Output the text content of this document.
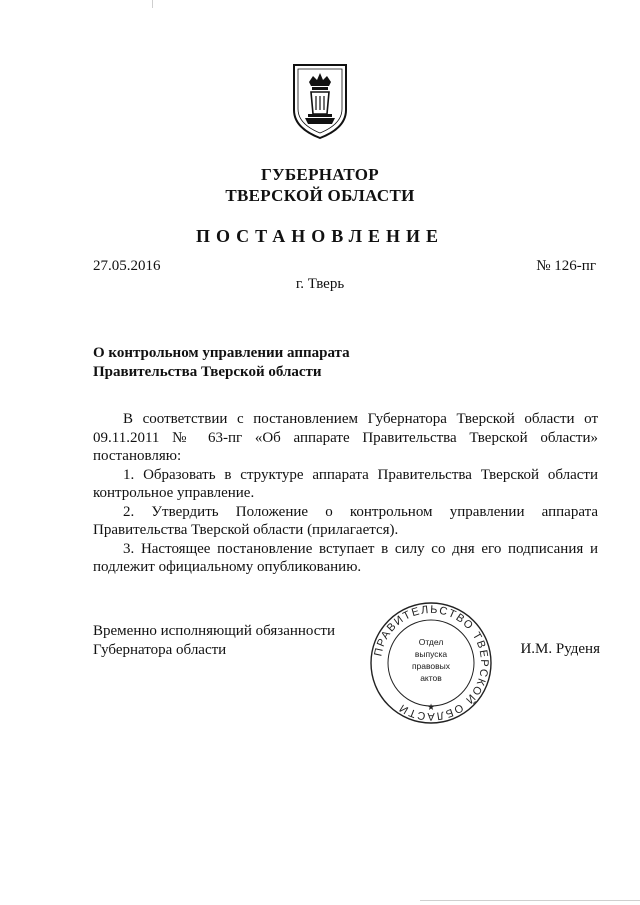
ГУБЕРНАТОР
ТВЕРСКОЙ ОБЛАСТИ
ПОСТАНОВЛЕНИЕ
27.05.2016	№ 126-пг
г. Тверь
О контрольном управлении аппарата
Правительства Тверской области

В соответствии с постановлением Губернатора Тверской области от 09.11.2011 № 63-пг «Об аппарате Правительства Тверской области» постановляю:

1. Образовать в структуре аппарата Правительства Тверской области контрольное управление.

2. Утвердить Положение о контрольном управлении аппарата Правительства Тверской области (прилагается).

3. Настоящее постановление вступает в силу со дня его подписания и подлежит официальному опубликованию.

Временно исполняющий обязанности
Губернатора области	И.М. Руденя
ПРАВИТЕЛЬСТВО ТВЕРСКОЙ ОБЛАСТИ	★
Отдел
выпуска
правовых
актов
